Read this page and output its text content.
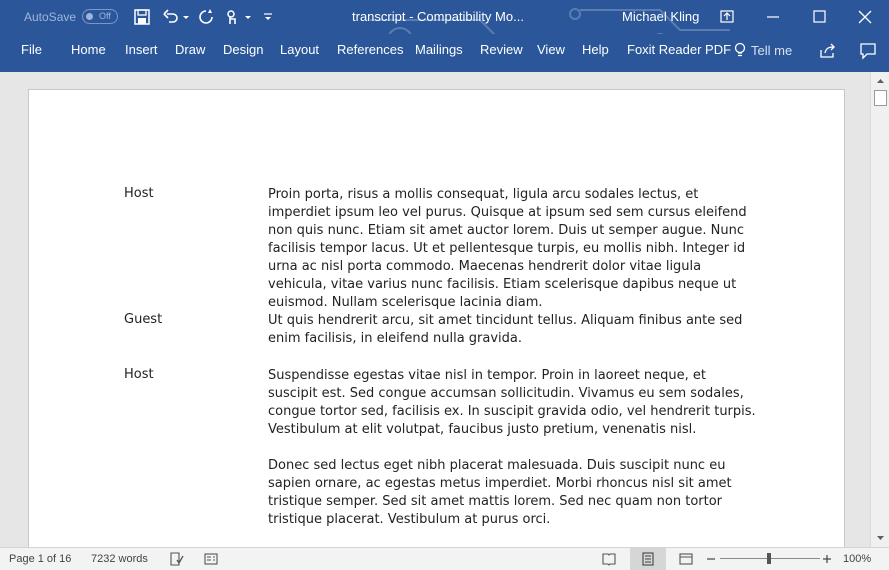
AutoSave	Off	transcript - Compatibility Mo...	Michael Kling
File Home Insert Draw Design Layout References Mailings Review View Help Foxit Reader PDF Tell me
Host	Proin porta, risus a mollis consequat, ligula arcu sodales lectus, et imperdiet ipsum leo vel purus. Quisque at ipsum sed sem cursus eleifend non quis nunc. Etiam sit amet auctor lorem. Duis ut semper augue. Nunc facilisis tempor lacus. Ut et pellentesque turpis, eu mollis nibh. Integer id urna ac nisl porta commodo. Maecenas hendrerit dolor vitae ligula vehicula, vitae varius nunc facilisis. Etiam scelerisque dapibus neque ut euismod. Nullam scelerisque lacinia diam.
Guest	Ut quis hendrerit arcu, sit amet tincidunt tellus. Aliquam finibus ante sed enim facilisis, in eleifend nulla gravida.
Host	Suspendisse egestas vitae nisl in tempor. Proin in laoreet neque, et suscipit est. Sed congue accumsan sollicitudin. Vivamus eu sem sodales, congue tortor sed, facilisis ex. In suscipit gravida odio, vel hendrerit turpis. Vestibulum at elit volutpat, faucibus justo pretium, venenatis nisl.
Donec sed lectus eget nibh placerat malesuada. Duis suscipit nunc eu sapien ornare, ac egestas metus imperdiet. Morbi rhoncus nisl sit amet tristique semper. Sed sit amet mattis lorem. Sed nec quam non tortor tristique placerat. Vestibulum at purus orci.
Page 1 of 16 7232 words	100%
